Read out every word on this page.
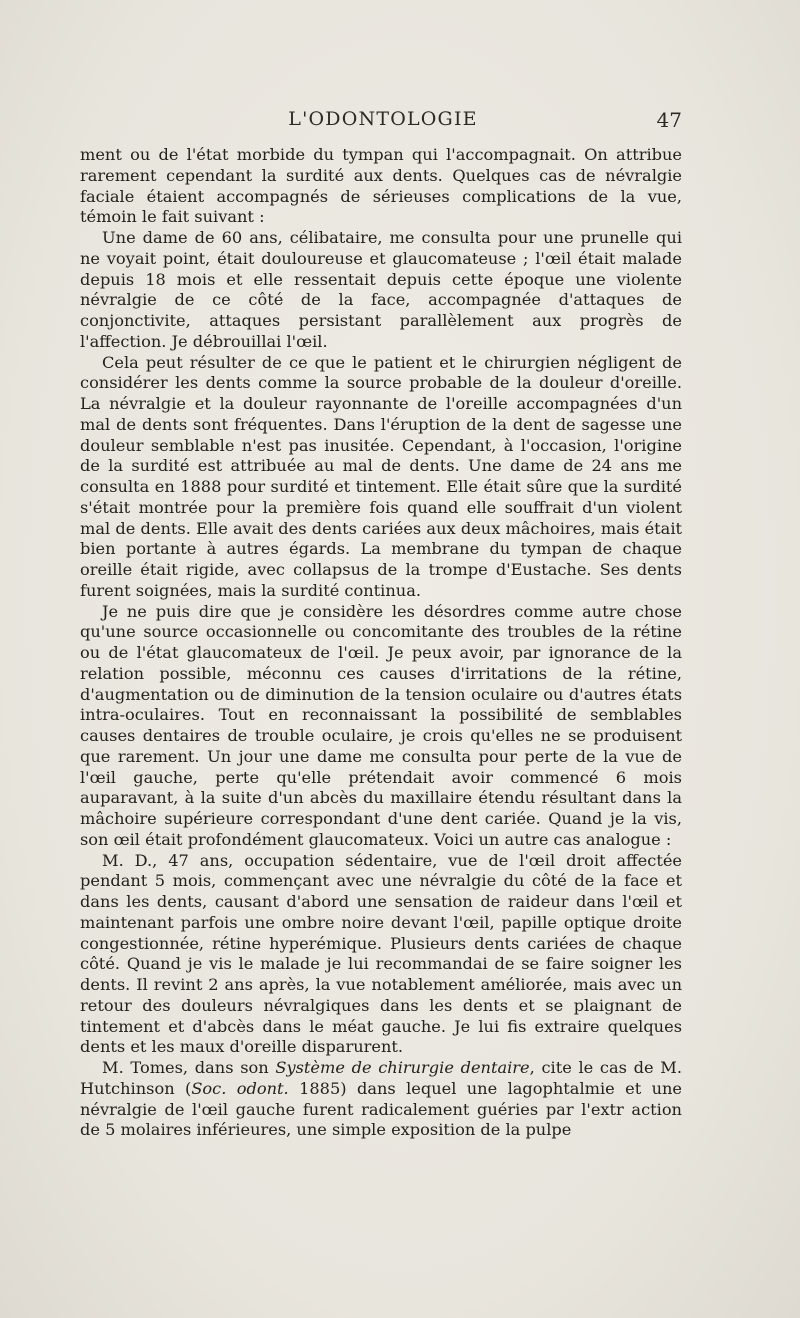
L'ODONTOLOGIE	47

ment ou de l'état morbide du tympan qui l'accompagnait. On attribue rarement cependant la surdité aux dents. Quelques cas de névralgie faciale étaient accompagnés de sérieuses complications de la vue, témoin le fait suivant :

Une dame de 60 ans, célibataire, me consulta pour une prunelle qui ne voyait point, était douloureuse et glaucomateuse ; l'œil était malade depuis 18 mois et elle ressentait depuis cette époque une violente névralgie de ce côté de la face, accompagnée d'attaques de conjonctivite, attaques persistant parallèlement aux progrès de l'affection. Je débrouillai l'œil.

Cela peut résulter de ce que le patient et le chirurgien négligent de considérer les dents comme la source probable de la douleur d'oreille. La névralgie et la douleur rayonnante de l'oreille accompagnées d'un mal de dents sont fréquentes. Dans l'éruption de la dent de sagesse une douleur semblable n'est pas inusitée. Cependant, à l'occasion, l'origine de la surdité est attribuée au mal de dents. Une dame de 24 ans me consulta en 1888 pour surdité et tintement. Elle était sûre que la surdité s'était montrée pour la première fois quand elle souffrait d'un violent mal de dents. Elle avait des dents cariées aux deux mâchoires, mais était bien portante à autres égards. La membrane du tympan de chaque oreille était rigide, avec collapsus de la trompe d'Eustache. Ses dents furent soignées, mais la surdité continua.

Je ne puis dire que je considère les désordres comme autre chose qu'une source occasionnelle ou concomitante des troubles de la rétine ou de l'état glaucomateux de l'œil. Je peux avoir, par ignorance de la relation possible, méconnu ces causes d'irritations de la rétine, d'augmentation ou de diminution de la tension oculaire ou d'autres états intra-oculaires. Tout en reconnaissant la possibilité de semblables causes dentaires de trouble oculaire, je crois qu'elles ne se produisent que rarement. Un jour une dame me consulta pour perte de la vue de l'œil gauche, perte qu'elle prétendait avoir commencé 6 mois auparavant, à la suite d'un abcès du maxillaire étendu résultant dans la mâchoire supérieure correspondant d'une dent cariée. Quand je la vis, son œil était profondément glaucomateux. Voici un autre cas analogue :

M. D., 47 ans, occupation sédentaire, vue de l'œil droit affectée pendant 5 mois, commençant avec une névralgie du côté de la face et dans les dents, causant d'abord une sensation de raideur dans l'œil et maintenant parfois une ombre noire devant l'œil, papille optique droite congestionnée, rétine hyperémique. Plusieurs dents cariées de chaque côté. Quand je vis le malade je lui recommandai de se faire soigner les dents. Il revint 2 ans après, la vue notablement améliorée, mais avec un retour des douleurs névralgiques dans les dents et se plaignant de tintement et d'abcès dans le méat gauche. Je lui fis extraire quelques dents et les maux d'oreille disparurent.

M. Tomes, dans son Système de chirurgie dentaire, cite le cas de M. Hutchinson (Soc. odont. 1885) dans lequel une lagophtalmie et une névralgie de l'œil gauche furent radicalement guéries par l'extr action de 5 molaires inférieures, une simple exposition de la pulpe
